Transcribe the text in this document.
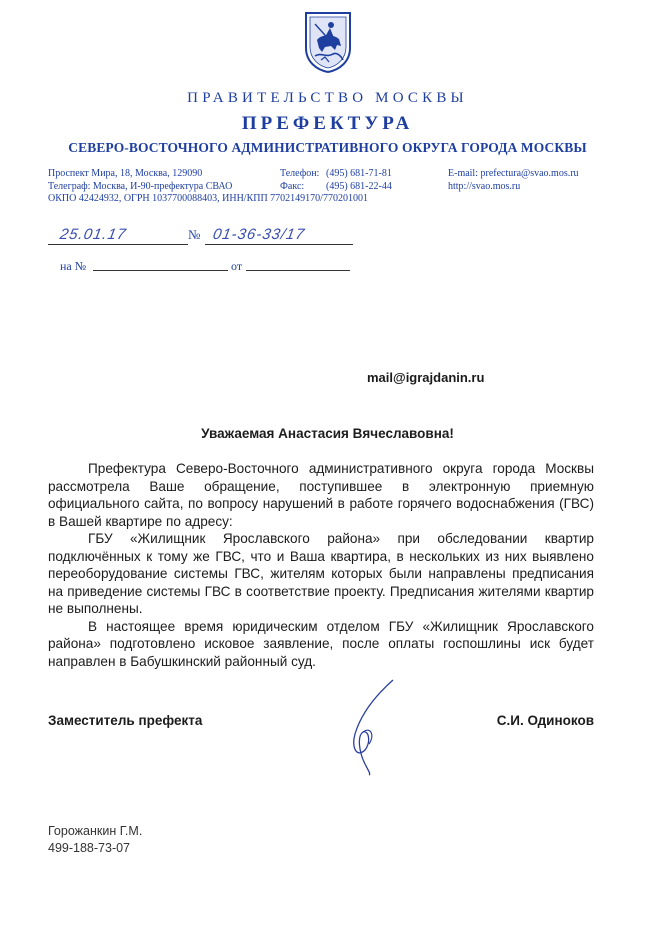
ПРАВИТЕЛЬСТВО МОСКВЫ
ПРЕФЕКТУРА
СЕВЕРО-ВОСТОЧНОГО АДМИНИСТРАТИВНОГО ОКРУГА ГОРОДА МОСКВЫ
Проспект Мира, 18, Москва, 129090
Телеграф: Москва, И-90-префектура СВАО
Телефон: (495) 681-71-81
Факс:	(495) 681-22-44
E-mail: prefectura@svao.mos.ru
http://svao.mos.ru
ОКПО 42424932, ОГРН 1037700088403, ИНН/КПП 7702149170/770201001
25.01.17	№ 01-36-33/17
на №	от
mail@igrajdanin.ru
Уважаемая Анастасия Вячеславовна!

Префектура Северо-Восточного административного округа города Москвы рассмотрела Ваше обращение, поступившее в электронную приемную официального сайта, по вопросу нарушений в работе горячего водоснабжения (ГВС) в Вашей квартире по адресу:

ГБУ «Жилищник Ярославского района» при обследовании квартир подключённых к тому же ГВС, что и Ваша квартира, в нескольких из них выявлено переоборудование системы ГВС, жителям которых были направлены предписания на приведение системы ГВС в соответствие проекту. Предписания жителями квартир не выполнены.

В настоящее время юридическим отделом ГБУ «Жилищник Ярославского района» подготовлено исковое заявление, после оплаты госпошлины иск будет направлен в Бабушкинский районный суд.

Заместитель префекта	С.И. Одиноков
Горожанкин Г.М.
499-188-73-07
